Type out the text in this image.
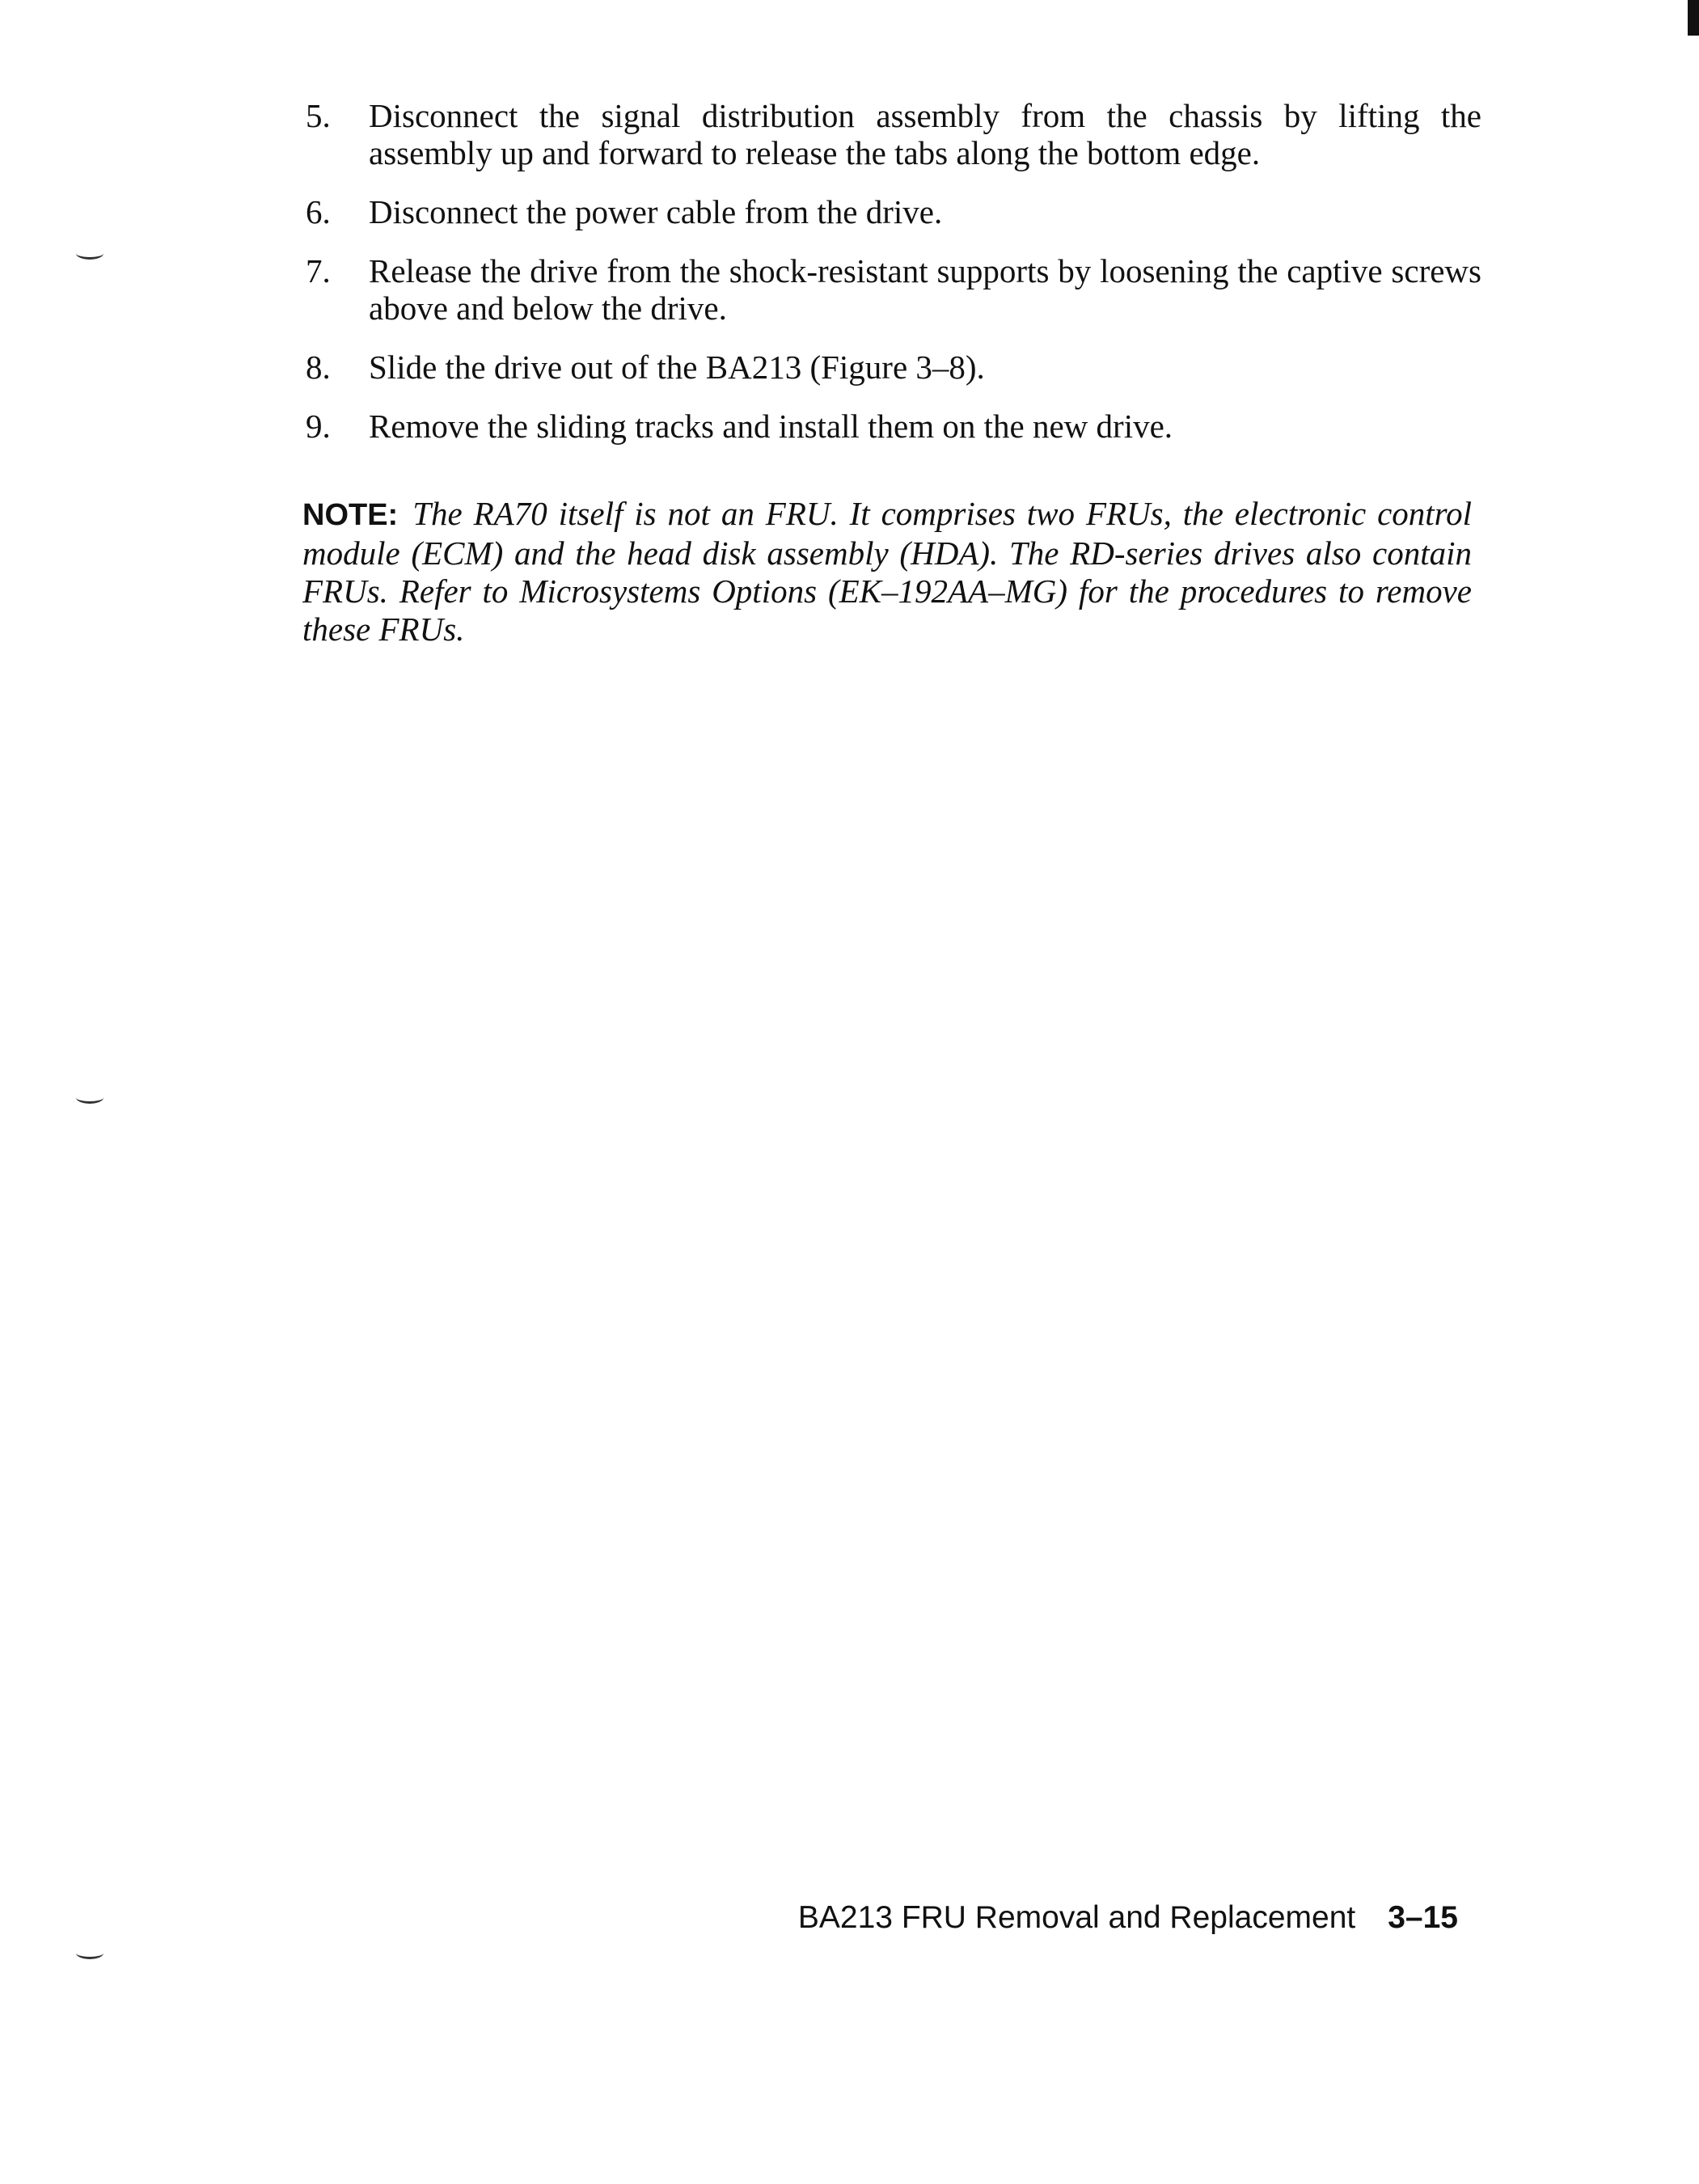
5. Disconnect the signal distribution assembly from the chassis by lifting the assembly up and forward to release the tabs along the bottom edge.
6. Disconnect the power cable from the drive.
7. Release the drive from the shock-resistant supports by loosening the captive screws above and below the drive.
8. Slide the drive out of the BA213 (Figure 3–8).
9. Remove the sliding tracks and install them on the new drive.

NOTE: The RA70 itself is not an FRU. It comprises two FRUs, the electronic control module (ECM) and the head disk assembly (HDA). The RD-series drives also contain FRUs. Refer to Microsystems Options (EK–192AA–MG) for the procedures to remove these FRUs.

BA213 FRU Removal and Replacement 3–15
